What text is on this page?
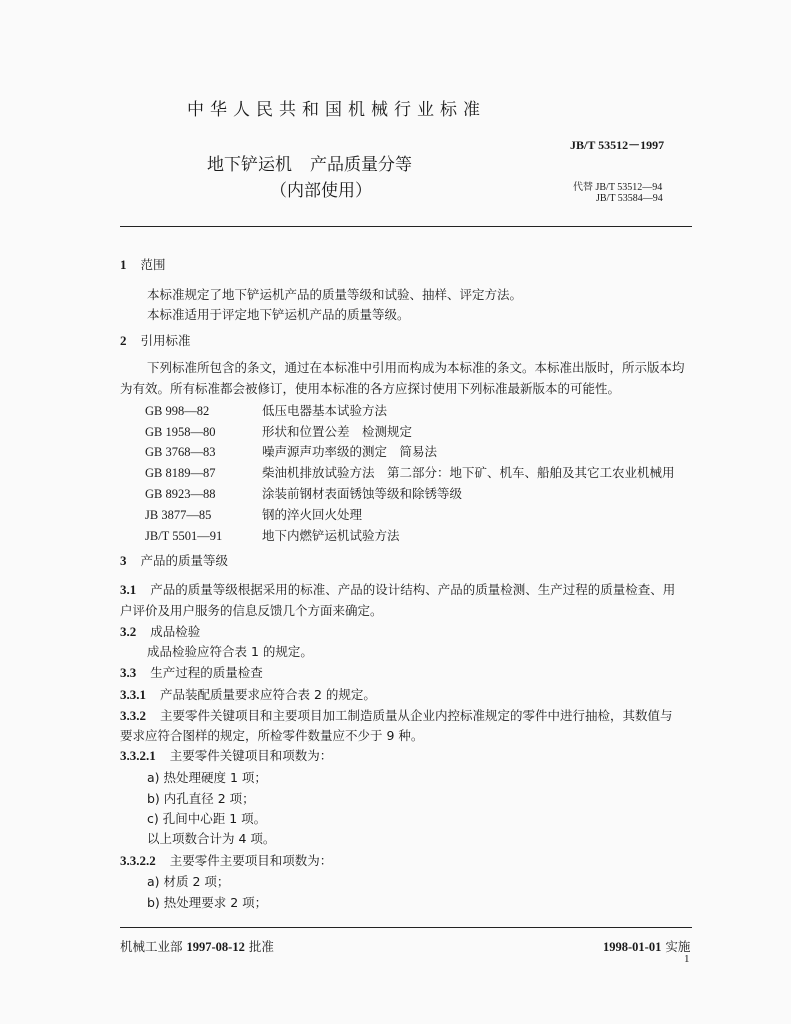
中华人民共和国机械行业标准
JB/T 53512－1997
地下铲运机 产品质量分等
（内部使用）	代替 JB/T 53512—94
JB/T 53584—94
1 范围
本标准规定了地下铲运机产品的质量等级和试验、抽样、评定方法。
本标准适用于评定地下铲运机产品的质量等级。
2 引用标准
下列标准所包含的条文，通过在本标准中引用而构成为本标准的条文。本标准出版时，所示版本均
为有效。所有标准都会被修订，使用本标准的各方应探讨使用下列标准最新版本的可能性。
GB 998—82	低压电器基本试验方法
GB 1958—80	形状和位置公差　检测规定
GB 3768—83	噪声源声功率级的测定　简易法
GB 8189—87	柴油机排放试验方法　第二部分：地下矿、机车、船舶及其它工农业机械用
GB 8923—88	涂装前钢材表面锈蚀等级和除锈等级
JB 3877—85	钢的淬火回火处理
JB/T 5501—91	地下内燃铲运机试验方法
3 产品的质量等级
3.1 产品的质量等级根据采用的标准、产品的设计结构、产品的质量检测、生产过程的质量检查、用
户评价及用户服务的信息反馈几个方面来确定。
3.2 成品检验
成品检验应符合表 1 的规定。
3.3 生产过程的质量检查
3.3.1 产品装配质量要求应符合表 2 的规定。
3.3.2 主要零件关键项目和主要项目加工制造质量从企业内控标准规定的零件中进行抽检，其数值与
要求应符合图样的规定，所检零件数量应不少于 9 种。
3.3.2.1 主要零件关键项目和项数为：
a) 热处理硬度 1 项；
b) 内孔直径 2 项；
c) 孔间中心距 1 项。
以上项数合计为 4 项。
3.3.2.2 主要零件主要项目和项数为：
a) 材质 2 项；
b) 热处理要求 2 项；
机械工业部 1997-08-12 批准	1998-01-01 实施
1
